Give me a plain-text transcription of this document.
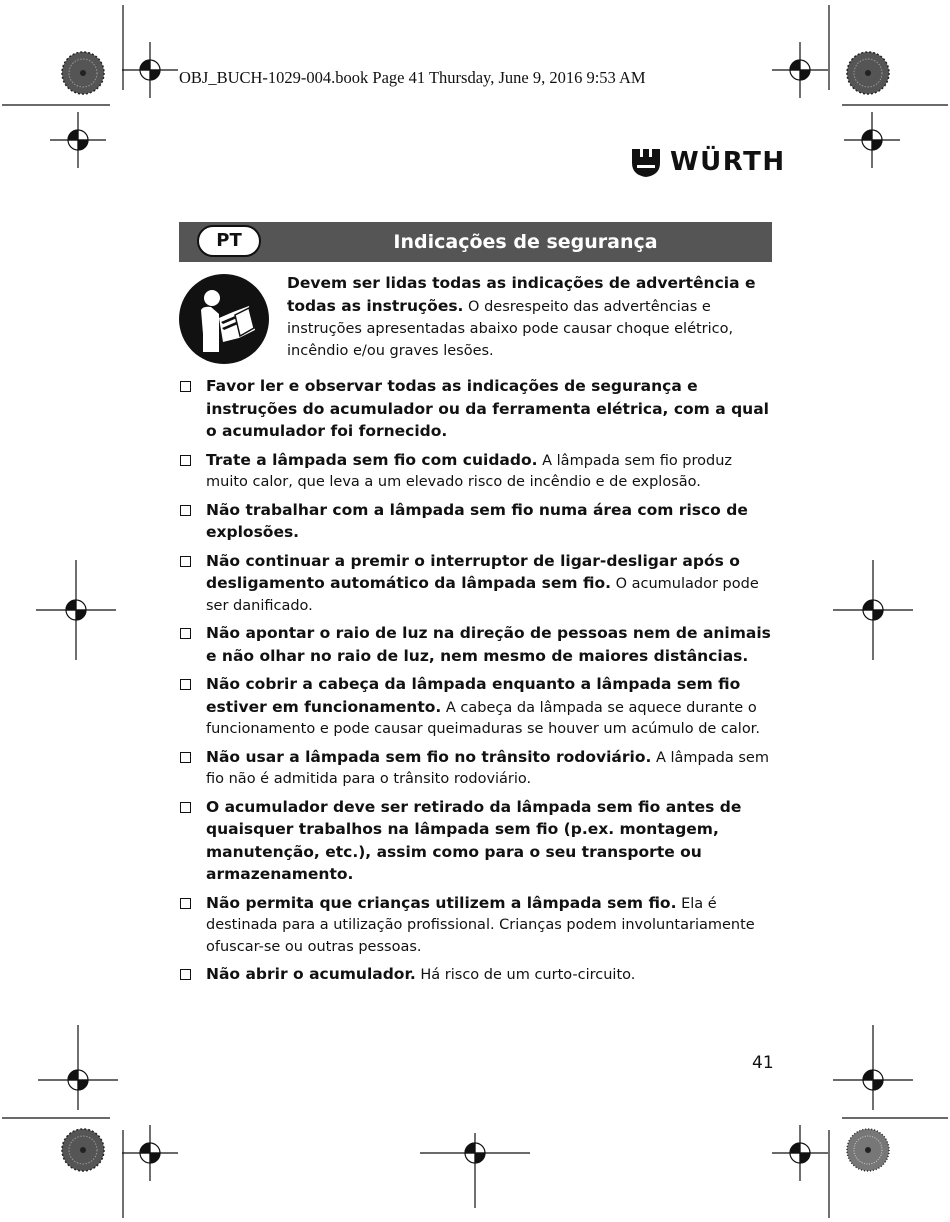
OBJ_BUCH-1029-004.book Page 41 Thursday, June 9, 2016 9:53 AM
WÜRTH
PT	Indicações de segurança
Devem ser lidas todas as indicações de advertência e todas as instruções. O desrespeito das advertências e instruções apresentadas abaixo pode causar choque elétrico, incêndio e/ou graves lesões.
Favor ler e observar todas as indicações de segurança e instruções do acumulador ou da ferramenta elétrica, com a qual o acumulador foi fornecido.
Trate a lâmpada sem fio com cuidado. A lâmpada sem fio produz muito calor, que leva a um elevado risco de incêndio e de explosão.
Não trabalhar com a lâmpada sem fio numa área com risco de explosões.
Não continuar a premir o interruptor de ligar-desligar após o desligamento automático da lâmpada sem fio. O acumulador pode ser danificado.
Não apontar o raio de luz na direção de pessoas nem de animais e não olhar no raio de luz, nem mesmo de maiores distâncias.
Não cobrir a cabeça da lâmpada enquanto a lâmpada sem fio estiver em funcionamento. A cabeça da lâmpada se aquece durante o funcionamento e pode causar queimaduras se houver um acúmulo de calor.
Não usar a lâmpada sem fio no trânsito rodoviário. A lâmpada sem fio não é admitida para o trânsito rodoviário.
O acumulador deve ser retirado da lâmpada sem fio antes de quaisquer trabalhos na lâmpada sem fio (p.ex. montagem, manutenção, etc.), assim como para o seu transporte ou armazenamento.
Não permita que crianças utilizem a lâmpada sem fio. Ela é destinada para a utilização profissional. Crianças podem involuntariamente ofuscar-se ou outras pessoas.
Não abrir o acumulador. Há risco de um curto-circuito.
41
